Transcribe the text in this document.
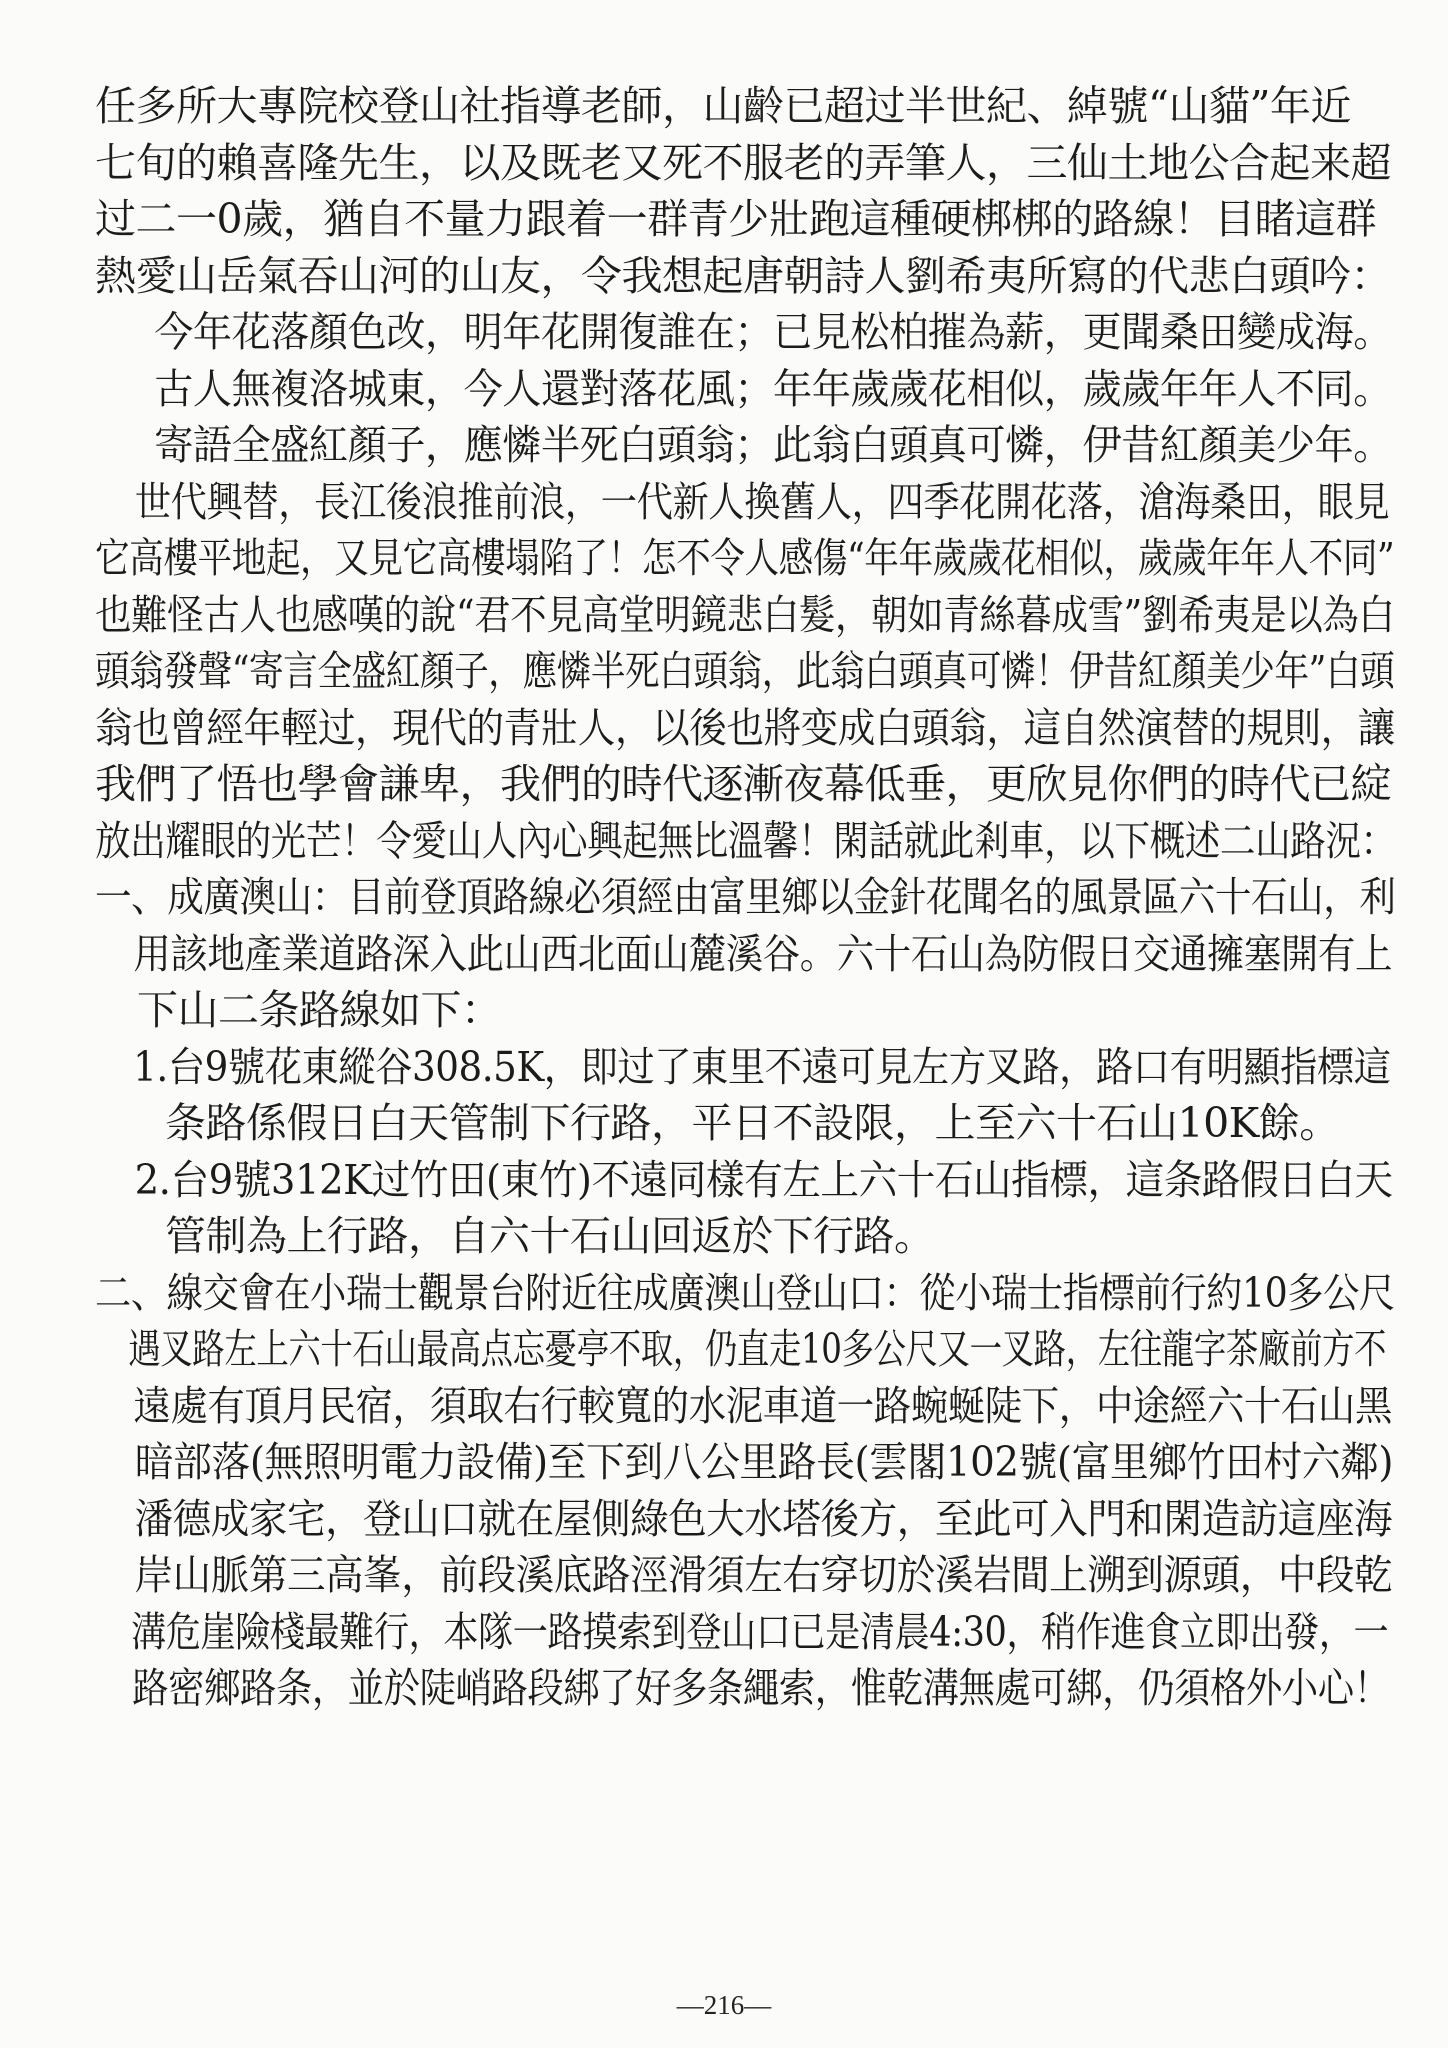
任多所大專院校登山社指導老師，山齡已超过半世紀、綽號“山貓”年近
七旬的賴喜隆先生，以及既老又死不服老的弄筆人，三仙土地公合起来超
过二一0歲，猶自不量力跟着一群青少壯跑這種硬梆梆的路線！目睹這群
熱愛山岳氣吞山河的山友，令我想起唐朝詩人劉希夷所寫的代悲白頭吟：
今年花落顏色改，明年花開復誰在；已見松柏摧為薪，更聞桑田變成海。
古人無複洛城東，今人還對落花風；年年歲歲花相似，歲歲年年人不同。
寄語全盛紅顏子，應憐半死白頭翁；此翁白頭真可憐，伊昔紅顏美少年。
世代興替，長江後浪推前浪，一代新人換舊人，四季花開花落，滄海桑田，眼見
它高樓平地起，又見它高樓塌陷了！怎不令人感傷“年年歲歲花相似，歲歲年年人不同”
也難怪古人也感嘆的說“君不見高堂明鏡悲白髮，朝如青絲暮成雪”劉希夷是以為白
頭翁發聲“寄言全盛紅顏子，應憐半死白頭翁，此翁白頭真可憐！伊昔紅顏美少年”白頭
翁也曾經年輕过，現代的青壯人，以後也將变成白頭翁，這自然演替的規則，讓
我們了悟也學會謙卑，我們的時代逐漸夜幕低垂，更欣見你們的時代已綻
放出耀眼的光芒！令愛山人內心興起無比溫馨！閑話就此剎車，以下概述二山路況：
一、成廣澳山：目前登頂路線必須經由富里鄉以金針花聞名的風景區六十石山，利
用該地產業道路深入此山西北面山麓溪谷。六十石山為防假日交通擁塞開有上
下山二条路線如下：
1.台9號花東縱谷308.5K，即过了東里不遠可見左方叉路，路口有明顯指標這
条路係假日白天管制下行路，平日不設限，上至六十石山10K餘。
2.台9號312K过竹田(東竹)不遠同樣有左上六十石山指標，這条路假日白天
管制為上行路，自六十石山回返於下行路。
二、線交會在小瑞士觀景台附近往成廣澳山登山口：從小瑞士指標前行約10多公尺
遇叉路左上六十石山最高点忘憂亭不取，仍直走10多公尺又一叉路，左往龍字茶廠前方不
遠處有頂月民宿，須取右行較寬的水泥車道一路蜿蜒陡下，中途經六十石山黑
暗部落(無照明電力設備)至下到八公里路長(雲閣102號(富里鄉竹田村六鄰)
潘德成家宅，登山口就在屋側綠色大水塔後方，至此可入門和閑造訪這座海
岸山脈第三高峯，前段溪底路涇滑須左右穿切於溪岩間上溯到源頭，中段乾
溝危崖險棧最難行，本隊一路摸索到登山口已是清晨4:30，稍作進食立即出發，一
路密鄉路条，並於陡峭路段綁了好多条繩索，惟乾溝無處可綁，仍須格外小心！
—216—
